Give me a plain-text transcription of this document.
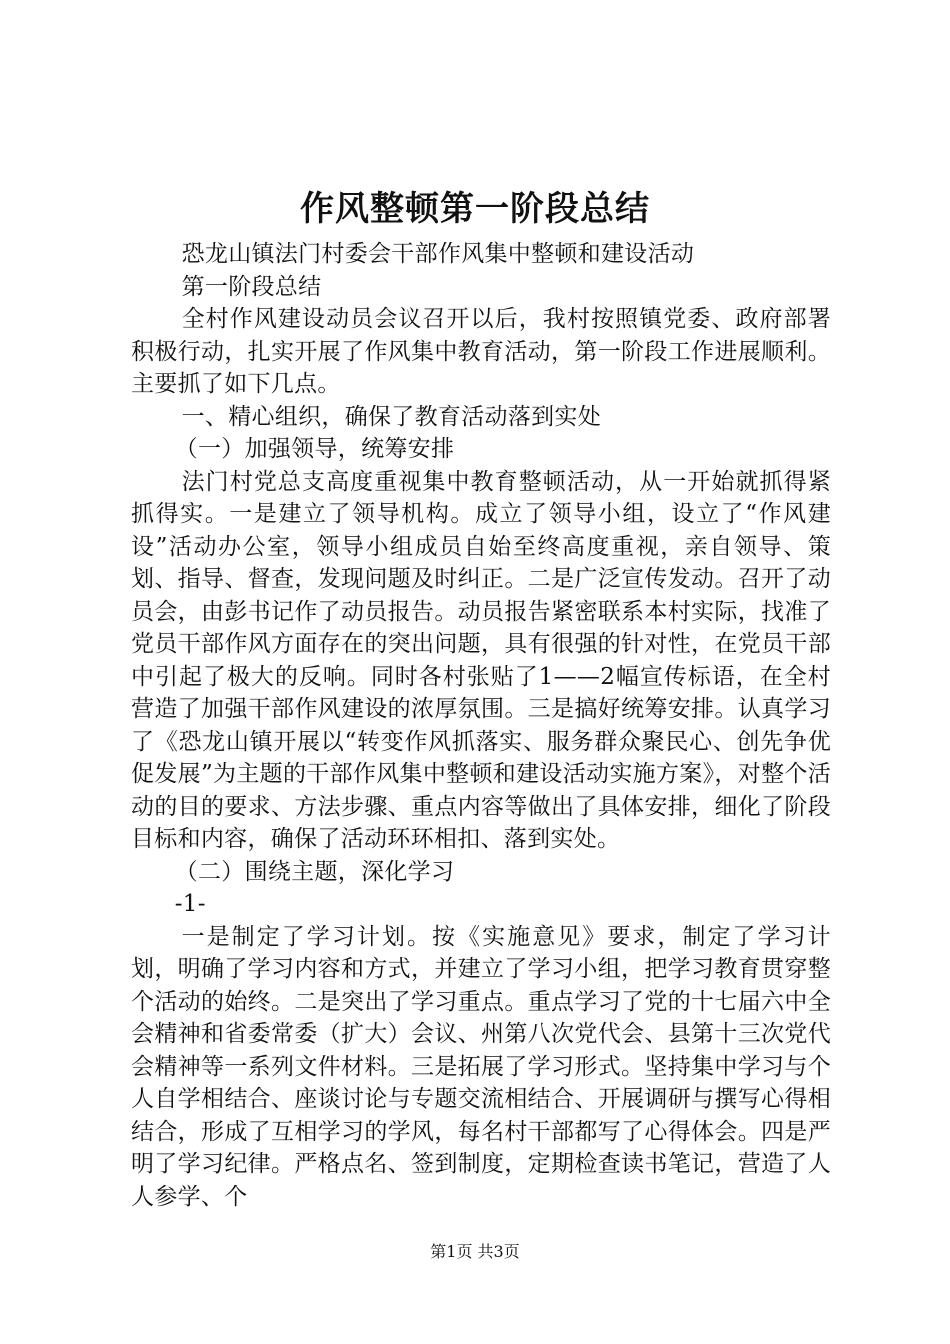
作风整顿第一阶段总结

恐龙山镇法门村委会干部作风集中整顿和建设活动

第一阶段总结

全村作风建设动员会议召开以后，我村按照镇党委、政府部署积极行动，扎实开展了作风集中教育活动，第一阶段工作进展顺利。主要抓了如下几点。

一、精心组织，确保了教育活动落到实处

（一）加强领导，统筹安排

法门村党总支高度重视集中教育整顿活动，从一开始就抓得紧抓得实。一是建立了领导机构。成立了领导小组，设立了“作风建设”活动办公室，领导小组成员自始至终高度重视，亲自领导、策划、指导、督查，发现问题及时纠正。二是广泛宣传发动。召开了动员会，由彭书记作了动员报告。动员报告紧密联系本村实际，找准了党员干部作风方面存在的突出问题，具有很强的针对性，在党员干部中引起了极大的反响。同时各村张贴了1——2幅宣传标语，在全村营造了加强干部作风建设的浓厚氛围。三是搞好统筹安排。认真学习了《恐龙山镇开展以“转变作风抓落实、服务群众聚民心、创先争优促发展”为主题的干部作风集中整顿和建设活动实施方案》，对整个活动的目的要求、方法步骤、重点内容等做出了具体安排，细化了阶段目标和内容，确保了活动环环相扣、落到实处。

（二）围绕主题，深化学习

-1-

一是制定了学习计划。按《实施意见》要求，制定了学习计划，明确了学习内容和方式，并建立了学习小组，把学习教育贯穿整个活动的始终。二是突出了学习重点。重点学习了党的十七届六中全会精神和省委常委（扩大）会议、州第八次党代会、县第十三次党代会精神等一系列文件材料。三是拓展了学习形式。坚持集中学习与个人自学相结合、座谈讨论与专题交流相结合、开展调研与撰写心得相结合，形成了互相学习的学风，每名村干部都写了心得体会。四是严明了学习纪律。严格点名、签到制度，定期检查读书笔记，营造了人人参学、个

第1页 共3页
